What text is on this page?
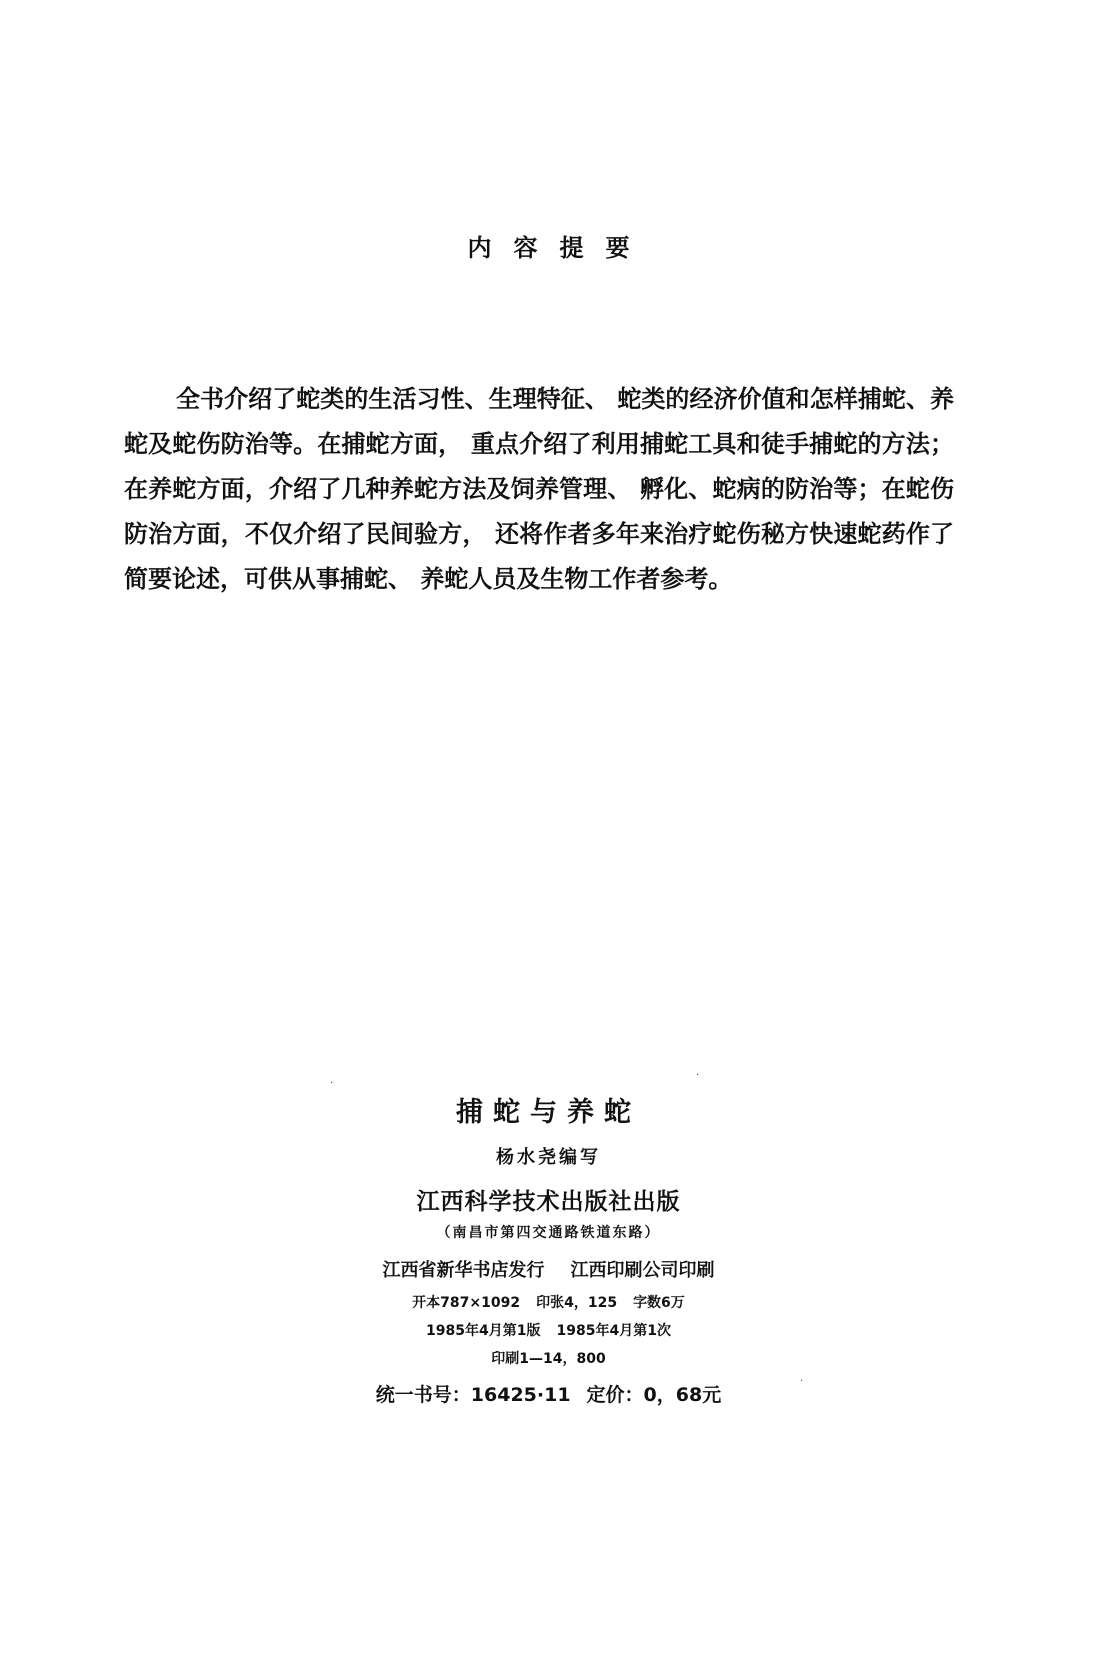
内容提要

全书介绍了蛇类的生活习性、生理特征、 蛇类的经济价值和怎样捕蛇、养蛇及蛇伤防治等。在捕蛇方面， 重点介绍了利用捕蛇工具和徒手捕蛇的方法；在养蛇方面，介绍了几种养蛇方法及饲养管理、 孵化、蛇病的防治等；在蛇伤防治方面，不仅介绍了民间验方， 还将作者多年来治疗蛇伤秘方快速蛇药作了简要论述，可供从事捕蛇、 养蛇人员及生物工作者参考。

捕蛇与养蛇
杨水尧编写
江西科学技术出版社出版
（南昌市第四交通路铁道东路）
江西省新华书店发行 江西印刷公司印刷
开本787×1092 印张4，125 字数6万
1985年4月第1版 1985年4月第1次
印刷1—14，800
统一书号：16425·11 定价：0，68元
·
·
·
